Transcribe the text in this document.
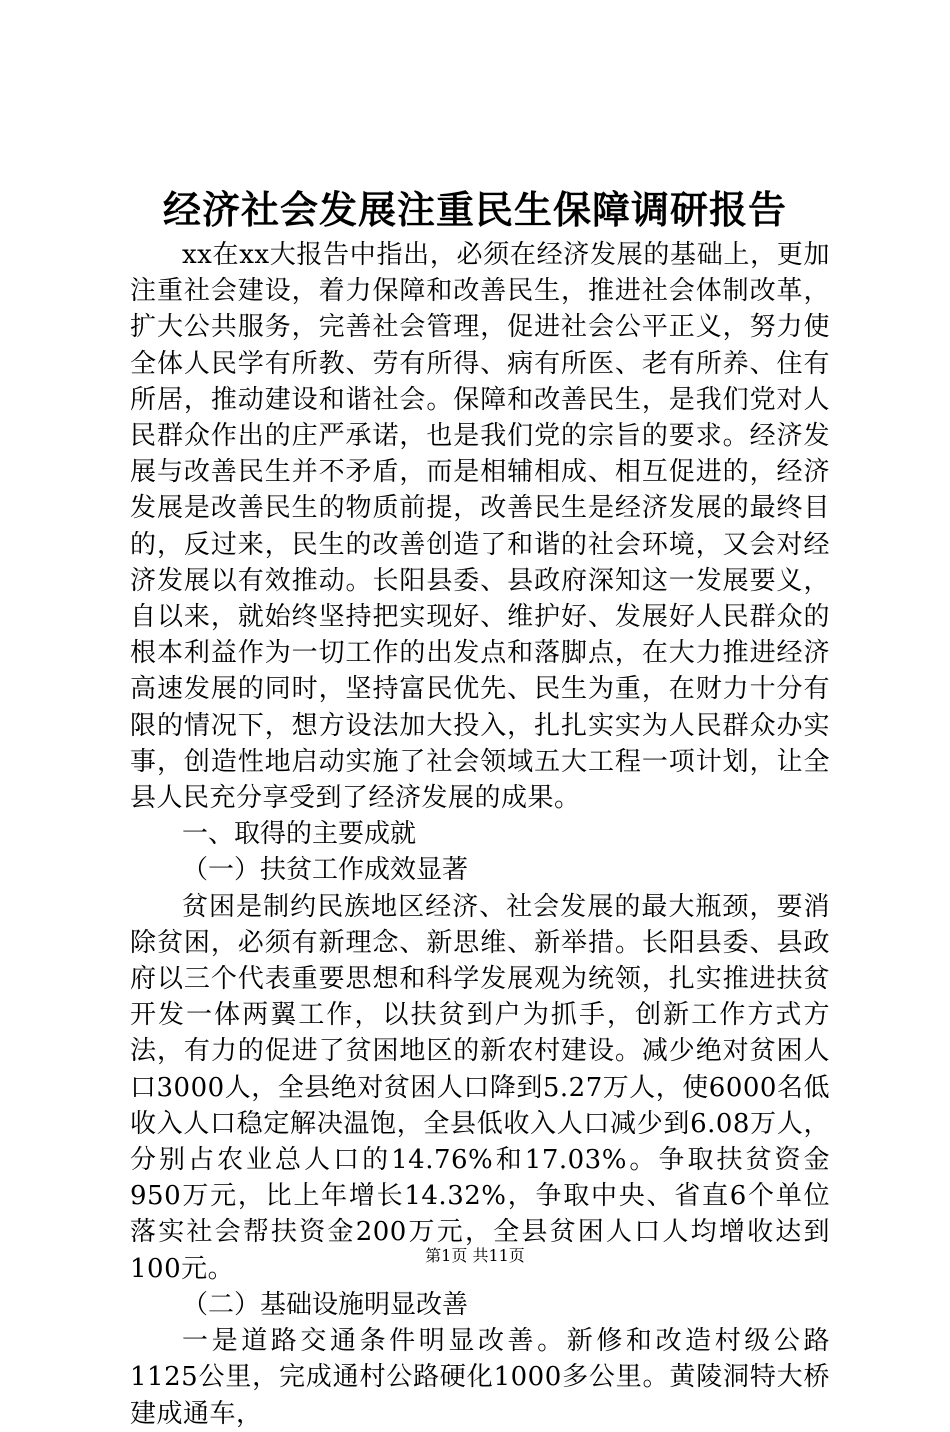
经济社会发展注重民生保障调研报告

xx在xx大报告中指出，必须在经济发展的基础上，更加注重社会建设，着力保障和改善民生，推进社会体制改革，扩大公共服务，完善社会管理，促进社会公平正义，努力使全体人民学有所教、劳有所得、病有所医、老有所养、住有所居，推动建设和谐社会。保障和改善民生，是我们党对人民群众作出的庄严承诺，也是我们党的宗旨的要求。经济发展与改善民生并不矛盾，而是相辅相成、相互促进的，经济发展是改善民生的物质前提，改善民生是经济发展的最终目的，反过来，民生的改善创造了和谐的社会环境，又会对经济发展以有效推动。长阳县委、县政府深知这一发展要义，自以来，就始终坚持把实现好、维护好、发展好人民群众的根本利益作为一切工作的出发点和落脚点，在大力推进经济高速发展的同时，坚持富民优先、民生为重，在财力十分有限的情况下，想方设法加大投入，扎扎实实为人民群众办实事，创造性地启动实施了社会领域五大工程一项计划，让全县人民充分享受到了经济发展的成果。

一、取得的主要成就

（一）扶贫工作成效显著

贫困是制约民族地区经济、社会发展的最大瓶颈，要消除贫困，必须有新理念、新思维、新举措。长阳县委、县政府以三个代表重要思想和科学发展观为统领，扎实推进扶贫开发一体两翼工作，以扶贫到户为抓手，创新工作方式方法，有力的促进了贫困地区的新农村建设。减少绝对贫困人口3000人，全县绝对贫困人口降到5.27万人，使6000名低收入人口稳定解决温饱，全县低收入人口减少到6.08万人，分别占农业总人口的14.76%和17.03%。争取扶贫资金950万元，比上年增长14.32%，争取中央、省直6个单位落实社会帮扶资金200万元，全县贫困人口人均增收达到100元。

（二）基础设施明显改善

一是道路交通条件明显改善。新修和改造村级公路1125公里，完成通村公路硬化1000多公里。黄陵洞特大桥建成通车，

第1页 共11页
